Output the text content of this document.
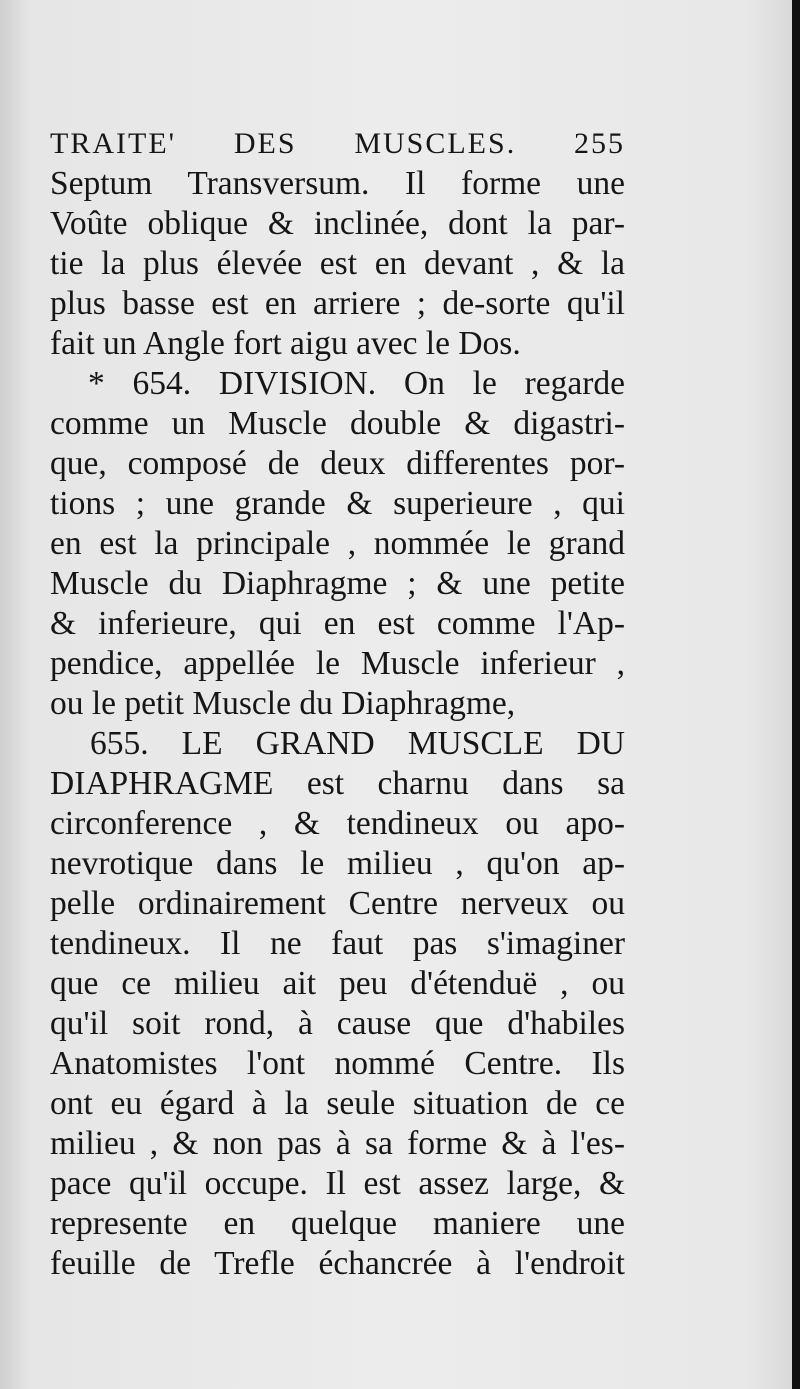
TRAITE' DES MUSCLES. 255
Septum Transversum. Il forme une
Voûte oblique & inclinée, dont la par-
tie la plus élevée est en devant , & la
plus basse est en arriere ; de-sorte qu'il
fait un Angle fort aigu avec le Dos.
* 654. DIVISION. On le regarde
comme un Muscle double & digastri-
que, composé de deux differentes por-
tions ; une grande & superieure , qui
en est la principale , nommée le grand
Muscle du Diaphragme ; & une petite
& inferieure, qui en est comme l'Ap-
pendice, appellée le Muscle inferieur ,
ou le petit Muscle du Diaphragme,
655. LE GRAND MUSCLE DU
DIAPHRAGME est charnu dans sa
circonference , & tendineux ou apo-
nevrotique dans le milieu , qu'on ap-
pelle ordinairement Centre nerveux ou
tendineux. Il ne faut pas s'imaginer
que ce milieu ait peu d'étenduë , ou
qu'il soit rond, à cause que d'habiles
Anatomistes l'ont nommé Centre. Ils
ont eu égard à la seule situation de ce
milieu , & non pas à sa forme & à l'es-
pace qu'il occupe. Il est assez large, &
represente en quelque maniere une
feuille de Trefle échancrée à l'endroit
